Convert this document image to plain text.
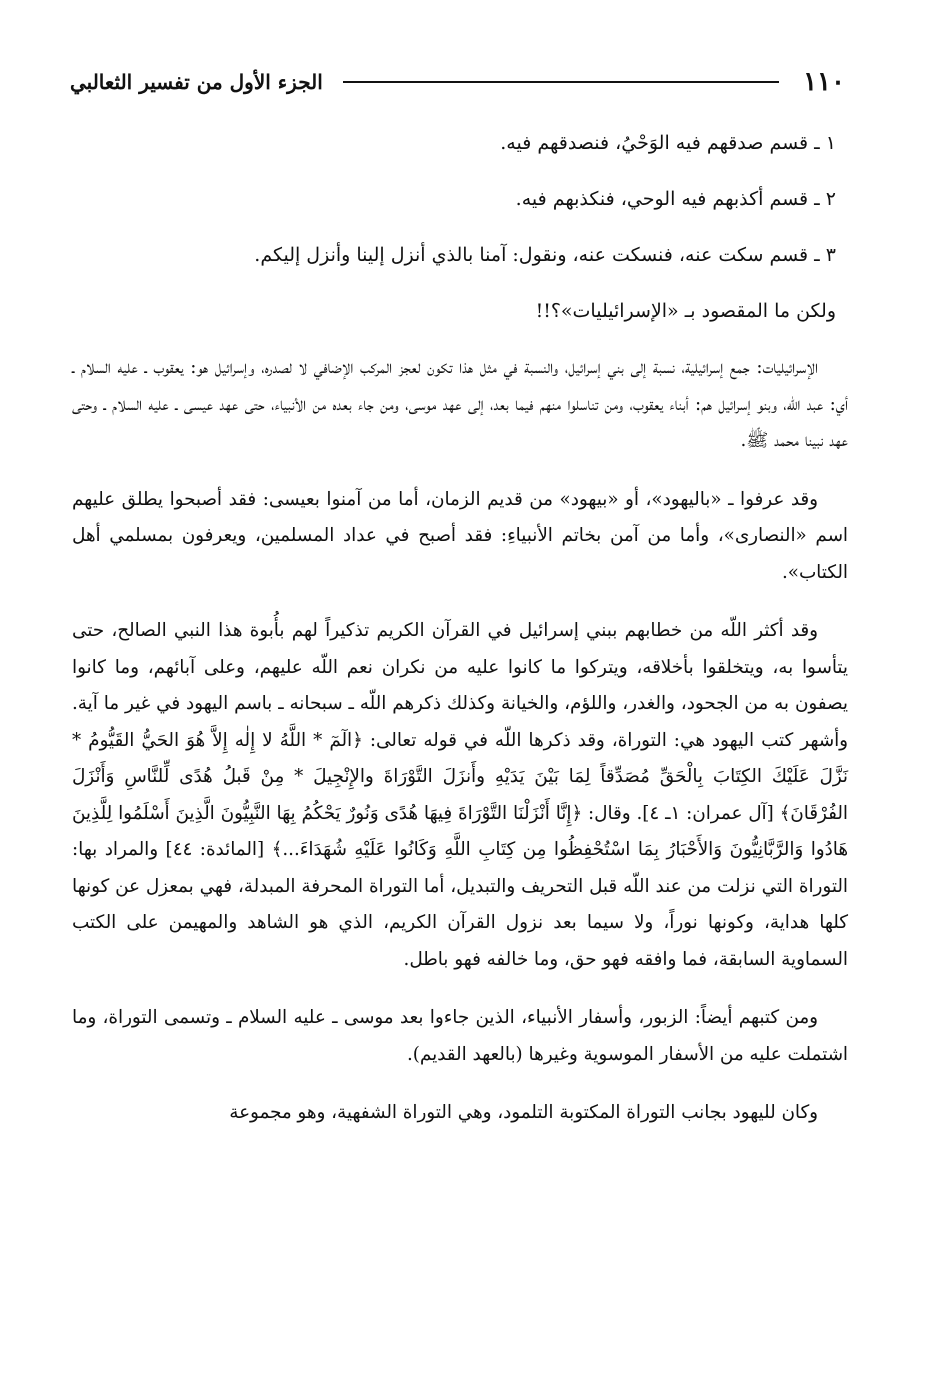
١١٠
الجزء الأول من تفسير الثعالبي

١ ـ قسم صدقهم فيه الوَحْيُ، فنصدقهم فيه.

٢ ـ قسم أكذبهم فيه الوحي، فنكذبهم فيه.

٣ ـ قسم سكت عنه، فنسكت عنه، ونقول: آمنا بالذي أنزل إلينا وأنزل إليكم.

ولكن ما المقصود بـ «الإسرائيليات»؟!!

الإسرائيليات: جمع إسرائيلية، نسبة إلى بني إسرائيل، والنسبة في مثل هذا تكون لعجز المركب الإضافي لا لصدره، وإسرائيل هو: يعقوب ـ عليه السلام ـ أي: عبد اللّه، وبنو إسرائيل هم: أبناء يعقوب، ومن تناسلوا منهم فيما بعد، إلى عهد موسى، ومن جاء بعده من الأنبياء، حتى عهد عيسى ـ عليه السلام ـ وحتى عهد نبينا محمد ﷺ.

وقد عرفوا ـ «باليهود»، أو «بيهود» من قديم الزمان، أما من آمنوا بعيسى: فقد أصبحوا يطلق عليهم اسم «النصارى»، وأما من آمن بخاتم الأنبياءِ: فقد أصبح في عداد المسلمين، ويعرفون بمسلمي أهل الكتاب».

وقد أكثر اللّه من خطابهم ببني إسرائيل في القرآن الكريم تذكيراً لهم بأُبوة هذا النبي الصالح، حتى يتأسوا به، ويتخلقوا بأخلاقه، ويتركوا ما كانوا عليه من نكران نعم اللّه عليهم، وعلى آبائهم، وما كانوا يصفون به من الجحود، والغدر، واللؤم، والخيانة وكذلك ذكرهم اللّه ـ سبحانه ـ باسم اليهود في غير ما آية. وأشهر كتب اليهود هي: التوراة، وقد ذكرها اللّه في قوله تعالى: ﴿الٓمٓ * اللَّهُ لا إِلٰه إِلاَّ هُوَ الحَيُّ القَيُّومُ * نَزَّلَ عَلَيْكَ الكِتَابَ بِالْحَقِّ مُصَدِّقاً لِمَا بَيْنَ يَدَيْهِ وأَنزَلَ التَّوْرَاةَ والإِنْجِيلَ * مِنْ قَبلُ هُدًى لِّلنَّاسِ وَأَنْزَلَ الفُرْقَانَ﴾ [آل عمران: ١ـ ٤]. وقال: ﴿إِنَّا أَنْزَلْنَا التَّوْرَاةَ فِيهَا هُدًى وَنُورٌ يَحْكُمُ بِهَا النَّبِيُّونَ الَّذِينَ أَسْلَمُوا لِلَّذِينَ هَادُوا وَالرَّبَّانِيُّونَ وَالأَحْبَارُ بِمَا اسْتُحْفِظُوا مِن كِتَابِ اللَّهِ وَكَانُوا عَلَيْهِ شُهَدَاءَ...﴾ [المائدة: ٤٤] والمراد بها: التوراة التي نزلت من عند اللّه قبل التحريف والتبديل، أما التوراة المحرفة المبدلة، فهي بمعزل عن كونها كلها هداية، وكونها نوراً، ولا سيما بعد نزول القرآن الكريم، الذي هو الشاهد والمهيمن على الكتب السماوية السابقة، فما وافقه فهو حق، وما خالفه فهو باطل.

ومن كتبهم أيضاً: الزبور، وأسفار الأنبياء، الذين جاءوا بعد موسى ـ عليه السلام ـ وتسمى التوراة، وما اشتملت عليه من الأسفار الموسوية وغيرها (بالعهد القديم).

وكان لليهود بجانب التوراة المكتوبة التلمود، وهي التوراة الشفهية، وهو مجموعة
